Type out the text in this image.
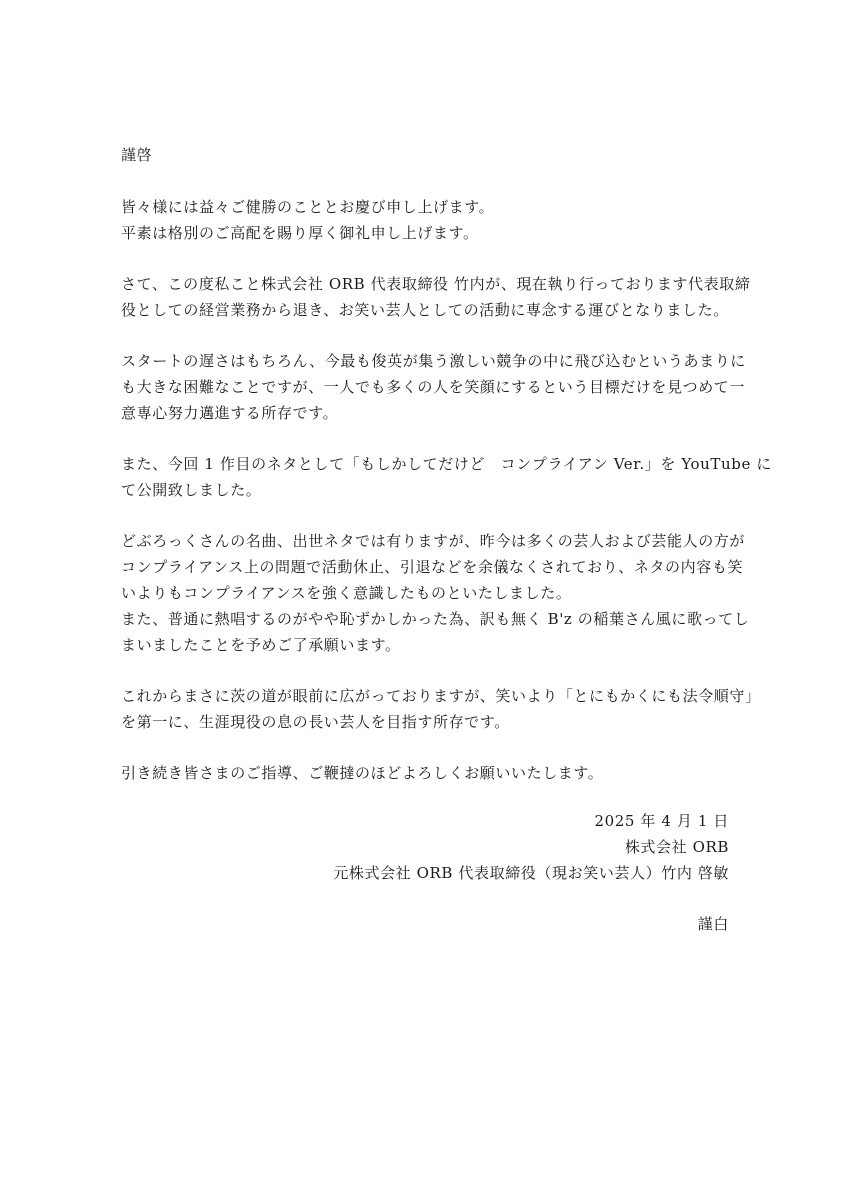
謹啓
皆々様には益々ご健勝のこととお慶び申し上げます。
平素は格別のご高配を賜り厚く御礼申し上げます。
さて、この度私こと株式会社 ORB 代表取締役 竹内が、現在執り行っております代表取締
役としての経営業務から退き、お笑い芸人としての活動に専念する運びとなりました。
スタートの遅さはもちろん、今最も俊英が集う激しい競争の中に飛び込むというあまりに
も大きな困難なことですが、一人でも多くの人を笑顔にするという目標だけを見つめて一
意専心努力邁進する所存です。
また、今回 1 作目のネタとして「もしかしてだけど　コンプライアン Ver.」を YouTube に
て公開致しました。
どぶろっくさんの名曲、出世ネタでは有りますが、昨今は多くの芸人および芸能人の方が
コンプライアンス上の問題で活動休止、引退などを余儀なくされており、ネタの内容も笑
いよりもコンプライアンスを強く意識したものといたしました。
また、普通に熱唱するのがやや恥ずかしかった為、訳も無く B'z の稲葉さん風に歌ってし
まいましたことを予めご了承願います。
これからまさに茨の道が眼前に広がっておりますが、笑いより「とにもかくにも法令順守」
を第一に、生涯現役の息の長い芸人を目指す所存です。
引き続き皆さまのご指導、ご鞭撻のほどよろしくお願いいたします。
2025 年 4 月 1 日
株式会社 ORB
元株式会社 ORB 代表取締役（現お笑い芸人）竹内 啓敏
謹白
